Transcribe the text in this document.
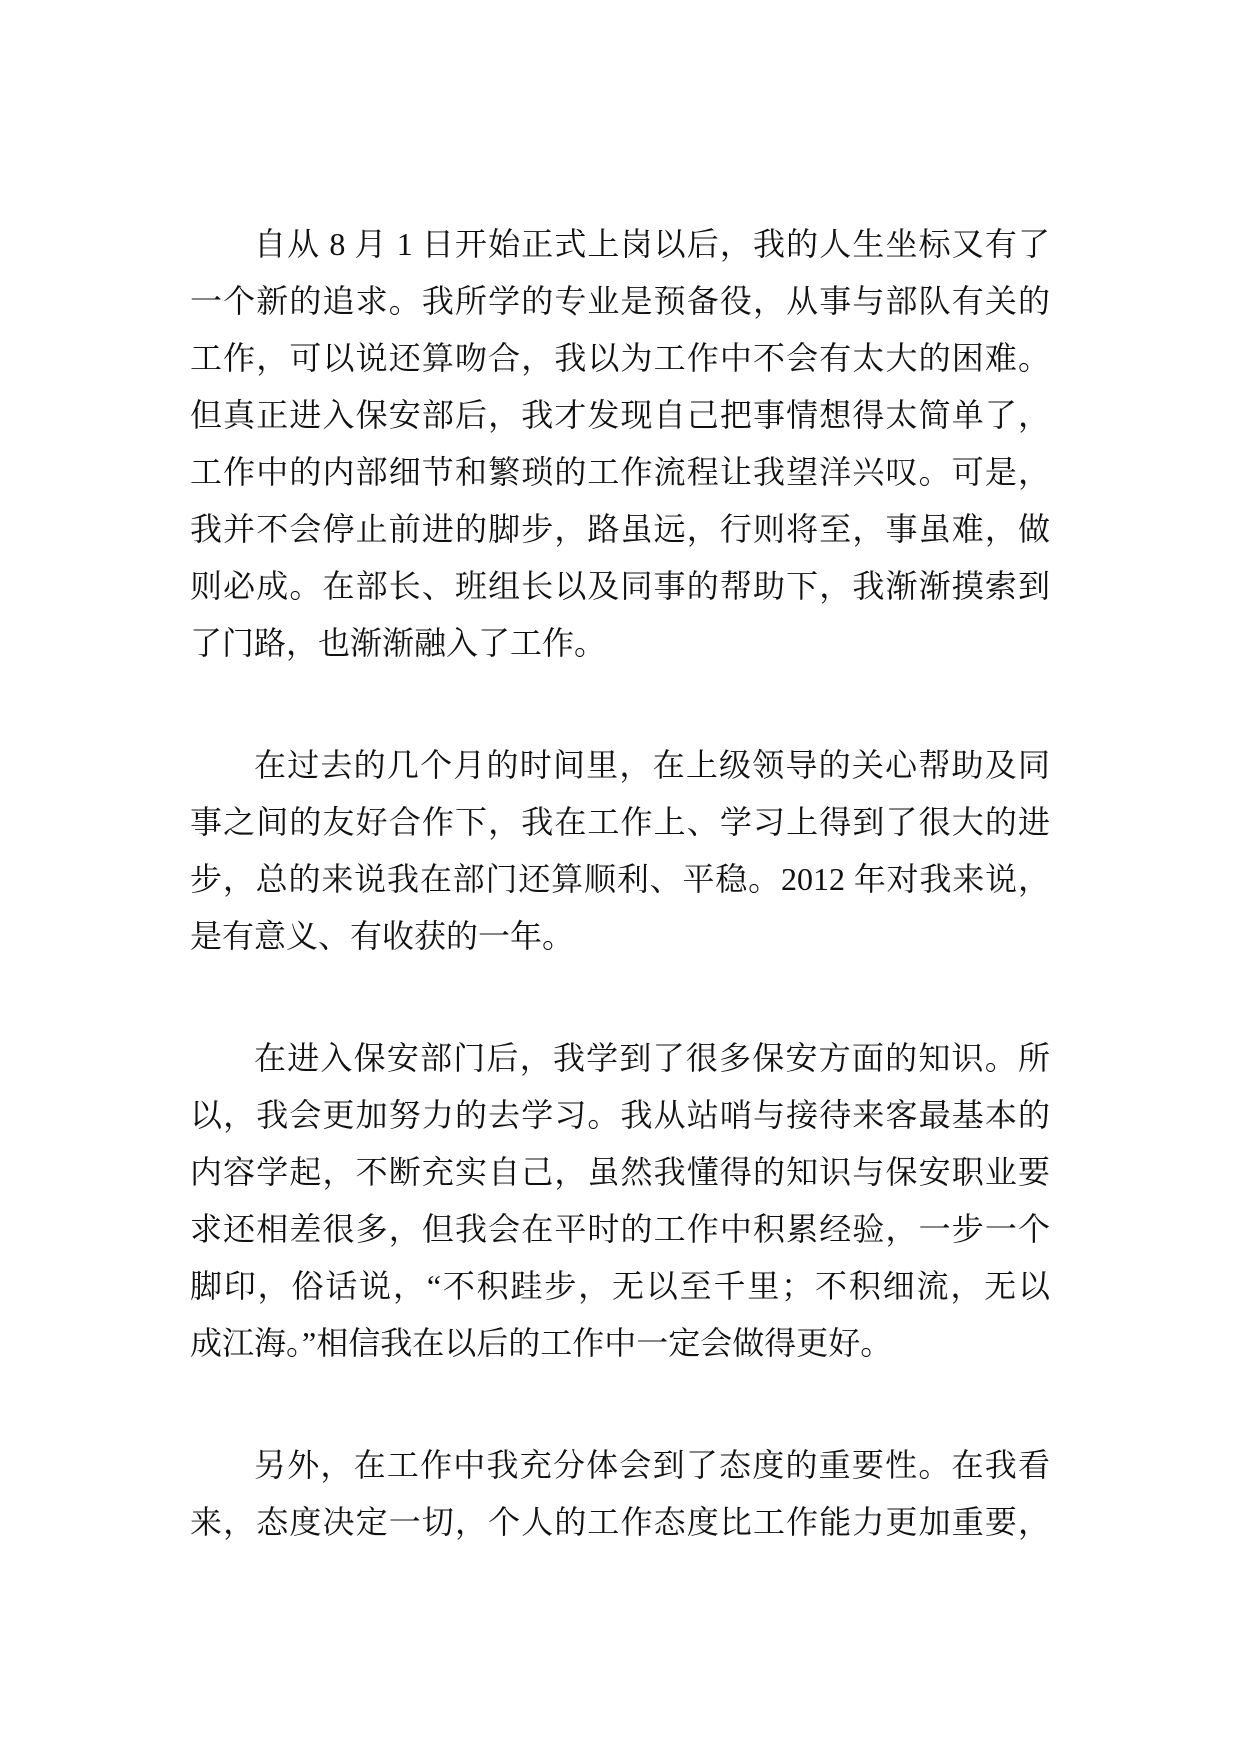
自从 8 月 1 日开始正式上岗以后，我的人生坐标又有了
一个新的追求。我所学的专业是预备役，从事与部队有关的
工作，可以说还算吻合，我以为工作中不会有太大的困难。
但真正进入保安部后，我才发现自己把事情想得太简单了，
工作中的内部细节和繁琐的工作流程让我望洋兴叹。可是，
我并不会停止前进的脚步，路虽远，行则将至，事虽难，做
则必成。在部长、班组长以及同事的帮助下，我渐渐摸索到
了门路，也渐渐融入了工作。
在过去的几个月的时间里，在上级领导的关心帮助及同
事之间的友好合作下，我在工作上、学习上得到了很大的进
步，总的来说我在部门还算顺利、平稳。2012 年对我来说，
是有意义、有收获的一年。
在进入保安部门后，我学到了很多保安方面的知识。所
以，我会更加努力的去学习。我从站哨与接待来客最基本的
内容学起，不断充实自己，虽然我懂得的知识与保安职业要
求还相差很多，但我会在平时的工作中积累经验，一步一个
脚印，俗话说，“不积跬步，无以至千里；不积细流，无以
成江海。”相信我在以后的工作中一定会做得更好。
另外，在工作中我充分体会到了态度的重要性。在我看
来，态度决定一切，个人的工作态度比工作能力更加重要，
